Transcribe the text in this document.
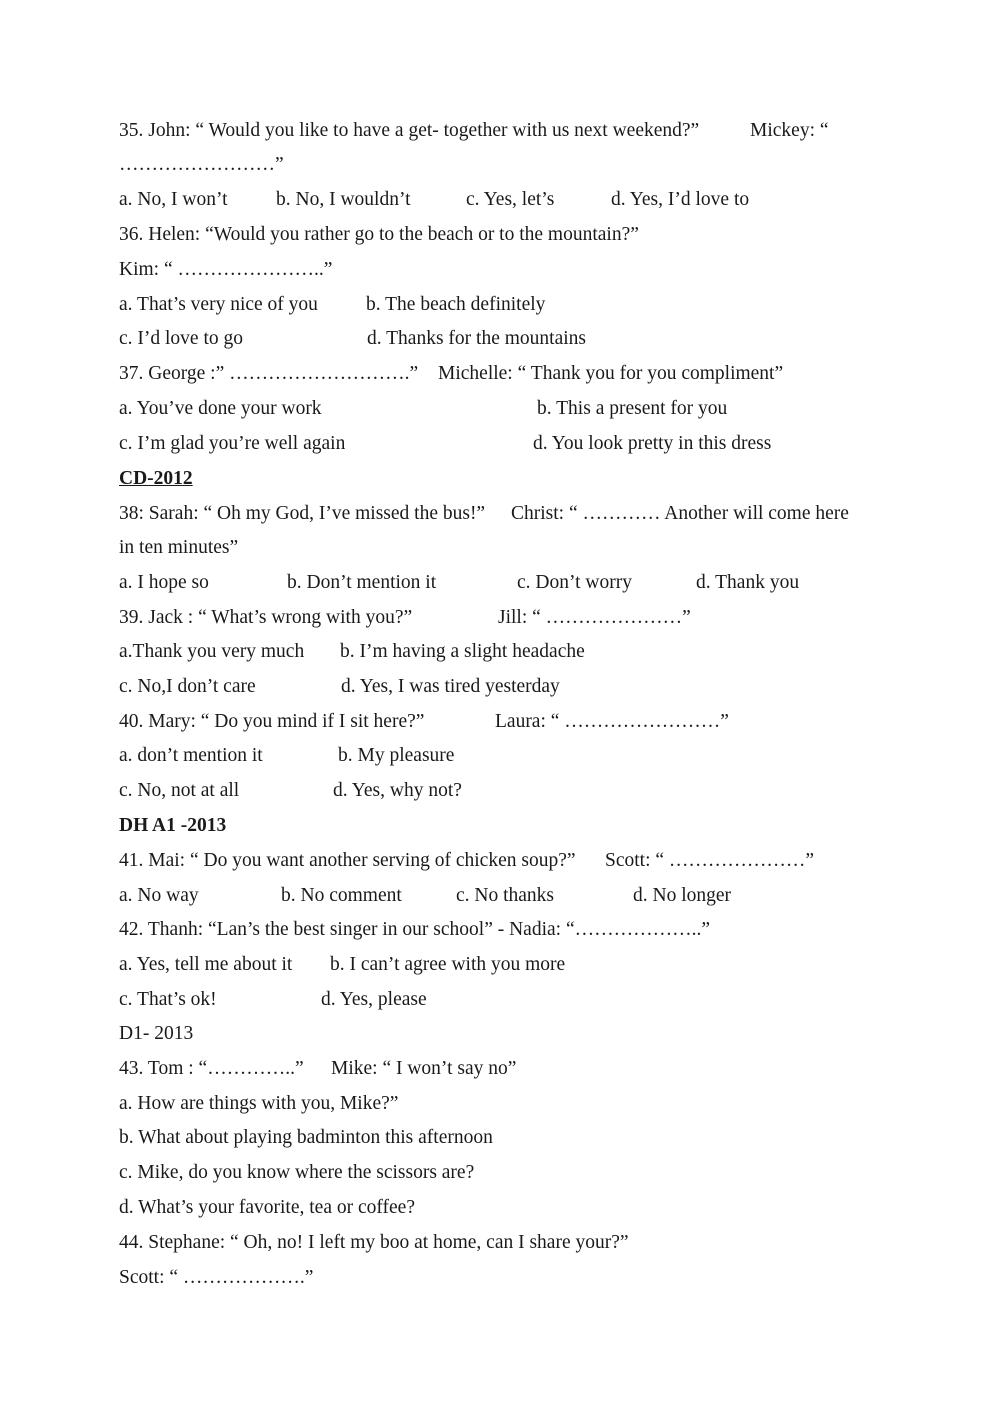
35. John: “ Would you like to have a get- together with us next weekend?”	Mickey: “
……………………”
a. No, I won’t b. No, I wouldn’t	c. Yes, let’s	d. Yes, I’d love to
36. Helen: “Would you rather go to the beach or to the mountain?”
Kim: “ …………………..”
a. That’s very nice of you b. The beach definitely
c. I’d love to go	d. Thanks for the mountains
37. George :” ……………………….” Michelle: “ Thank you for you compliment”
a. You’ve done your work	b. This a present for you
c. I’m glad you’re well again	d. You look pretty in this dress
CD-2012
38: Sarah: “ Oh my God, I’ve missed the bus!” Christ: “ ………… Another will come here
in ten minutes”
a. I hope so	b. Don’t mention it	c. Don’t worry	d. Thank you
39. Jack : “ What’s wrong with you?”	Jill: “ …………………”
a.Thank you very much b. I’m having a slight headache
c. No,I don’t care	d. Yes, I was tired yesterday
40. Mary: “ Do you mind if I sit here?”	Laura: “ ……………………”
a. don’t mention it	b. My pleasure
c. No, not at all	d. Yes, why not?
DH A1 -2013
41. Mai: “ Do you want another serving of chicken soup?” Scott: “ …………………”
a. No way	b. No comment	c. No thanks	d. No longer
42. Thanh: “Lan’s the best singer in our school” - Nadia: “………………..”
a. Yes, tell me about it b. I can’t agree with you more
c. That’s ok!	d. Yes, please
D1- 2013
43. Tom : “…………..” Mike: “ I won’t say no”
a. How are things with you, Mike?”
b. What about playing badminton this afternoon
c. Mike, do you know where the scissors are?
d. What’s your favorite, tea or coffee?
44. Stephane: “ Oh, no! I left my boo at home, can I share your?”
Scott: “ ……………….”
